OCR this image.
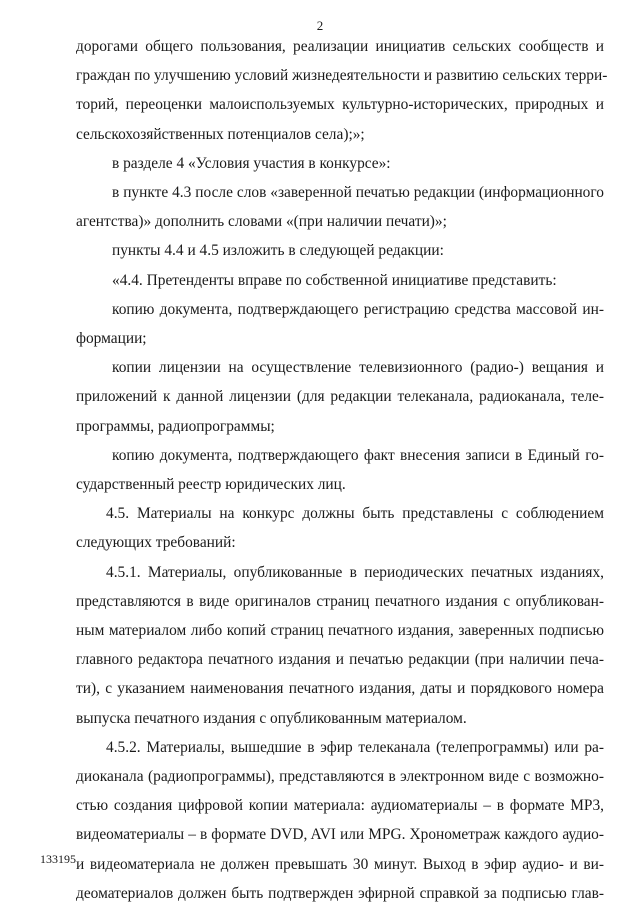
2
дорогами общего пользования, реализации инициатив сельских сообществ и
граждан по улучшению условий жизнедеятельности и развитию сельских терри-
торий, переоценки малоиспользуемых культурно-исторических, природных и
сельскохозяйственных потенциалов села);»;
в разделе 4 «Условия участия в конкурсе»:
в пункте 4.3 после слов «заверенной печатью редакции (информационного
агентства)» дополнить словами «(при наличии печати)»;
пункты 4.4 и 4.5 изложить в следующей редакции:
«4.4. Претенденты вправе по собственной инициативе представить:
копию документа, подтверждающего регистрацию средства массовой ин-
формации;
копии лицензии на осуществление телевизионного (радио-) вещания и
приложений к данной лицензии (для редакции телеканала, радиоканала, теле-
программы, радиопрограммы;
копию документа, подтверждающего факт внесения записи в Единый го-
сударственный реестр юридических лиц.
4.5. Материалы на конкурс должны быть представлены с соблюдением
следующих требований:
4.5.1. Материалы, опубликованные в периодических печатных изданиях,
представляются в виде оригиналов страниц печатного издания с опубликован-
ным материалом либо копий страниц печатного издания, заверенных подписью
главного редактора печатного издания и печатью редакции (при наличии печа-
ти), с указанием наименования печатного издания, даты и порядкового номера
выпуска печатного издания с опубликованным материалом.
4.5.2. Материалы, вышедшие в эфир телеканала (телепрограммы) или ра-
диоканала (радиопрограммы), представляются в электронном виде с возможно-
стью создания цифровой копии материала: аудиоматериалы – в формате МР3,
видеоматериалы – в формате DVD, AVI или MPG. Хронометраж каждого аудио-
и видеоматериала не должен превышать 30 минут. Выход в эфир аудио- и ви-
деоматериалов должен быть подтвержден эфирной справкой за подписью глав-
133195
